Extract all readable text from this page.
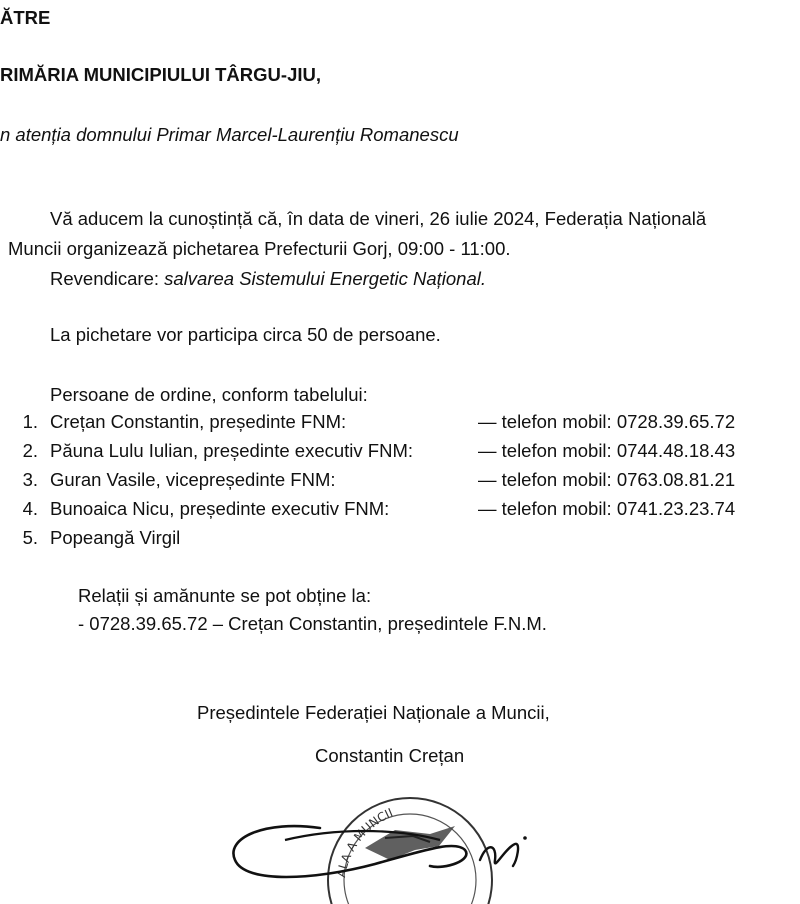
ĂTRE
RIMĂRIA MUNICIPIULUI TÂRGU-JIU,
n atenția domnului Primar Marcel-Laurențiu Romanescu
Vă aducem la cunoștință că, în data de vineri, 26 iulie 2024, Federația Națională
Muncii organizează pichetarea Prefecturii Gorj, 09:00 - 11:00.
Revendicare: salvarea Sistemului Energetic Național.
La pichetare vor participa circa 50 de persoane.
Persoane de ordine, conform tabelului:
1. Crețan Constantin, președinte FNM:	— telefon mobil: 0728.39.65.72
2. Păuna Lulu Iulian, președinte executiv FNM:	— telefon mobil: 0744.48.18.43
3. Guran Vasile, vicepreședinte FNM:	— telefon mobil: 0763.08.81.21
4. Bunoaica Nicu, președinte executiv FNM:	— telefon mobil: 0741.23.23.74
5. Popeangă Virgil
Relații și amănunte se pot obține la:
- 0728.39.65.72 – Crețan Constantin, președintele F.N.M.
Președintele Federației Naționale a Muncii,
Constantin Crețan
ALA A MUNCII
